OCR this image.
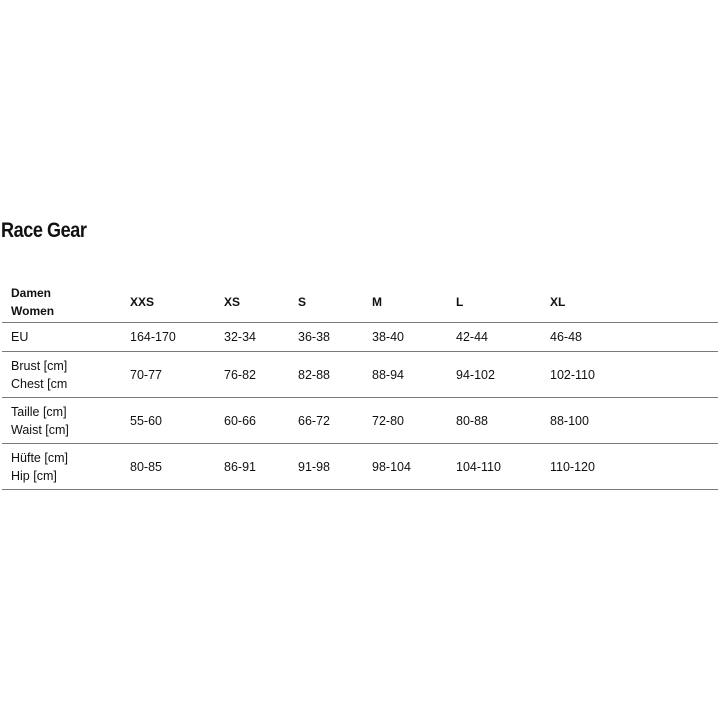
Race Gear
Damen
Women	XXS	XS	S	M	L	XL	

EU	164-170	32-34	36-38	38-40	42-44	46-48	

Brust [cm]
Chest [cm	70-77	76-82	82-88	88-94	94-102	102-110	

Taille [cm]
Waist [cm]	55-60	60-66	66-72	72-80	80-88	88-100	

Hüfte [cm]
Hip [cm]	80-85	86-91	91-98	98-104	104-110	110-120	
